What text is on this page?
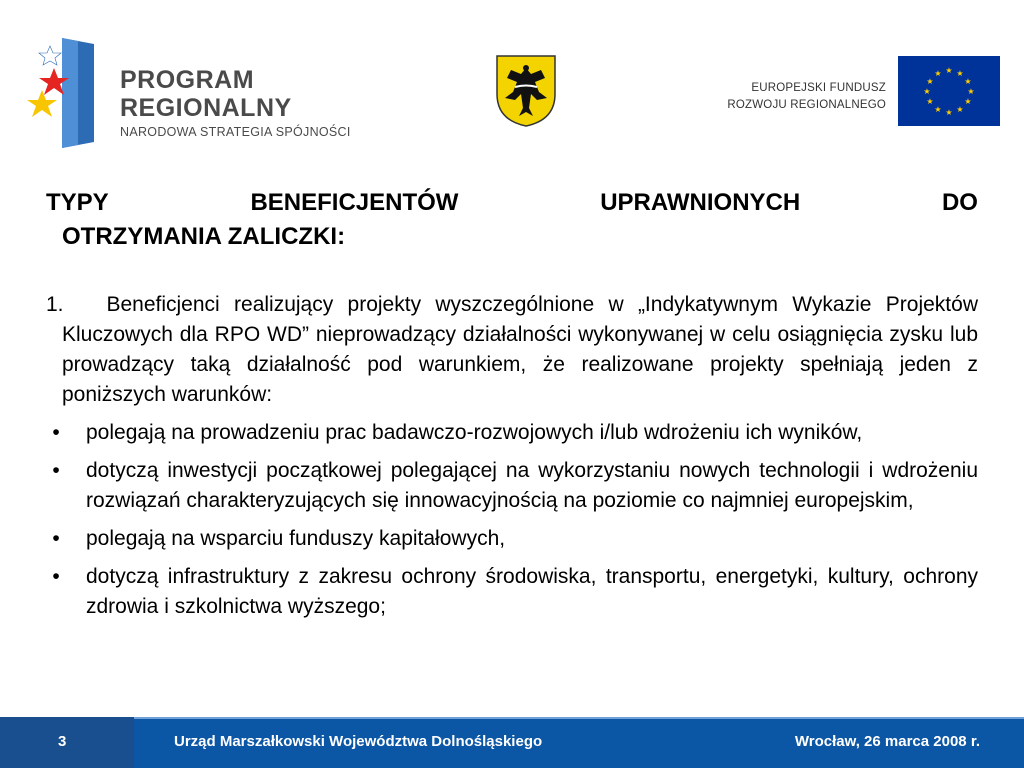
PROGRAM
REGIONALNY
NARODOWA STRATEGIA SPÓJNOŚCI
EUROPEJSKI FUNDUSZ
ROZWOJU REGIONALNEGO
★ ★
★
★
★
★
★
★
★
★
★
★
TYPY	BENEFICJENTÓW	UPRAWNIONYCH	DO
OTRZYMANIA ZALICZKI:
1. Beneficjenci realizujący projekty wyszczególnione w „Indykatywnym Wykazie Projektów Kluczowych dla RPO WD” nieprowadzący działalności wykonywanej w celu osiągnięcia zysku lub prowadzący taką działalność pod warunkiem, że realizowane projekty spełniają jeden z poniższych warunków:
•	polegają na prowadzeniu prac badawczo-rozwojowych i/lub wdrożeniu ich wyników,
•	dotyczą inwestycji początkowej polegającej na wykorzystaniu nowych technologii i wdrożeniu rozwiązań charakteryzujących się innowacyjnością na poziomie co najmniej europejskim,
•	polegają na wsparciu funduszy kapitałowych,
•	dotyczą infrastruktury z zakresu ochrony środowiska, transportu, energetyki, kultury, ochrony zdrowia i szkolnictwa wyższego;
3	Urząd Marszałkowski Województwa Dolnośląskiego	Wrocław, 26 marca 2008 r.
